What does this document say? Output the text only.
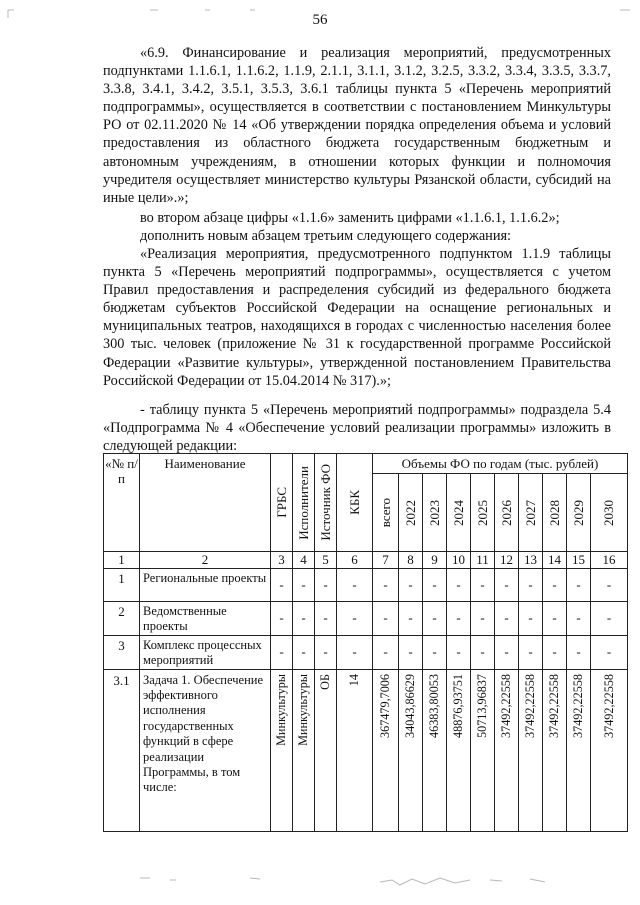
56

«6.9. Финансирование и реализация мероприятий, предусмотренных подпунктами 1.1.6.1, 1.1.6.2, 1.1.9, 2.1.1, 3.1.1, 3.1.2, 3.2.5, 3.3.2, 3.3.4, 3.3.5, 3.3.7, 3.3.8, 3.4.1, 3.4.2, 3.5.1, 3.5.3, 3.6.1 таблицы пункта 5 «Перечень мероприятий подпрограммы», осуществляется в соответствии с постановлением Минкультуры РО от 02.11.2020 № 14 «Об утверждении порядка определения объема и условий предоставления из областного бюджета государственным бюджетным и автономным учреждениям, в отношении которых функции и полномочия учредителя осуществляет министерство культуры Рязанской области, субсидий на иные цели».»;

во втором абзаце цифры «1.1.6» заменить цифрами «1.1.6.1, 1.1.6.2»;

дополнить новым абзацем третьим следующего содержания:

«Реализация мероприятия, предусмотренного подпунктом 1.1.9 таблицы пункта 5 «Перечень мероприятий подпрограммы», осуществляется с учетом Правил предоставления и распределения субсидий из федерального бюджета бюджетам субъектов Российской Федерации на оснащение региональных и муниципальных театров, находящихся в городах с численностью населения более 300 тыс. человек (приложение № 31 к государственной программе Российской Федерации «Развитие культуры», утвержденной постановлением Правительства Российской Федерации от 15.04.2014 № 317).»;

- таблицу пункта 5 «Перечень мероприятий подпрограммы» подраздела 5.4 «Подпрограмма № 4 «Обеспечение условий реализации программы» изложить в следующей редакции:

«№ п/п	Наименование	ГРБС	Исполнители	Источник ФО	КБК	Объемы ФО по годам (тыс. рублей)									

						всего	2022	2023	2024	2025	2026	2027	2028	2029	2030

1	2	3	4	5	6	7	8	9	10	11	12	13	14	15	16
1	Региональные проекты	-	-	-	-	-	-	-	-	-	-	-	-	-	-
2	Ведомственные проекты	-	-	-	-	-	-	-	-	-	-	-	-	-	-
3	Комплекс процессных мероприятий	-	-	-	-	-	-	-	-	-	-	-	-	-	-
3.1	Задача 1. Обеспечение эффективного исполнения государственных функций в сфере реализации Программы, в том числе:	Минкультуры	Минкультуры	ОБ	14	367479,7006	34043,86629	46383,80053	48876,93751	50713,96837	37492,22558	37492,22558	37492,22558	37492,22558	37492,22558
